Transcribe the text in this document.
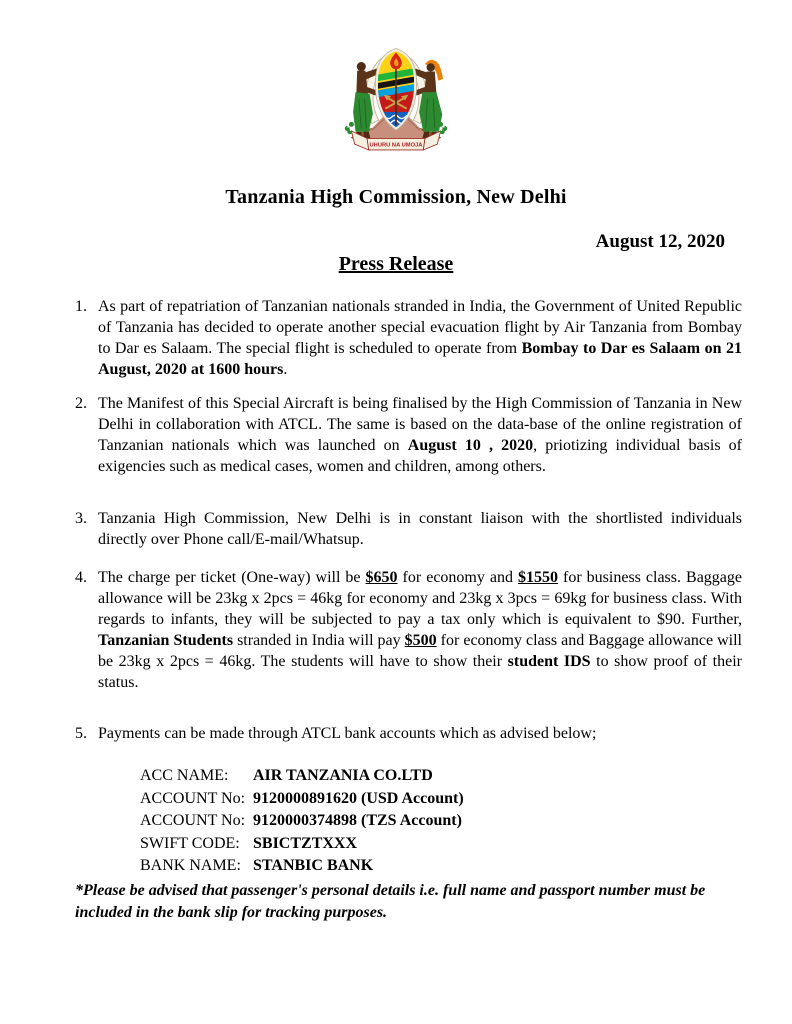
UHURU NA UMOJA
Tanzania High Commission, New Delhi
August 12, 2020
Press Release
1. As part of repatriation of Tanzanian nationals stranded in India, the Government of United Republic of Tanzania has decided to operate another special evacuation flight by Air Tanzania from Bombay to Dar es Salaam. The special flight is scheduled to operate from Bombay to Dar es Salaam on 21 August, 2020 at 1600 hours.
2. The Manifest of this Special Aircraft is being finalised by the High Commission of Tanzania in New Delhi in collaboration with ATCL. The same is based on the data-base of the online registration of Tanzanian nationals which was launched on August 10 , 2020, priotizing individual basis of exigencies such as medical cases, women and children, among others.
3. Tanzania High Commission, New Delhi is in constant liaison with the shortlisted individuals directly over Phone call/E-mail/Whatsup.
4. The charge per ticket (One-way) will be $650 for economy and $1550 for business class. Baggage allowance will be 23kg x 2pcs = 46kg for economy and 23kg x 3pcs = 69kg for business class. With regards to infants, they will be subjected to pay a tax only which is equivalent to $90. Further, Tanzanian Students stranded in India will pay $500 for economy class and Baggage allowance will be 23kg x 2pcs = 46kg. The students will have to show their student IDS to show proof of their status.
5. Payments can be made through ATCL bank accounts which as advised below;
ACC NAME:	AIR TANZANIA CO.LTD
ACCOUNT No: 9120000891620 (USD Account)
ACCOUNT No: 9120000374898 (TZS Account)
SWIFT CODE: SBICTZTXXX
BANK NAME: STANBIC BANK

*Please be advised that passenger's personal details i.e. full name and passport number must be included in the bank slip for tracking purposes.
